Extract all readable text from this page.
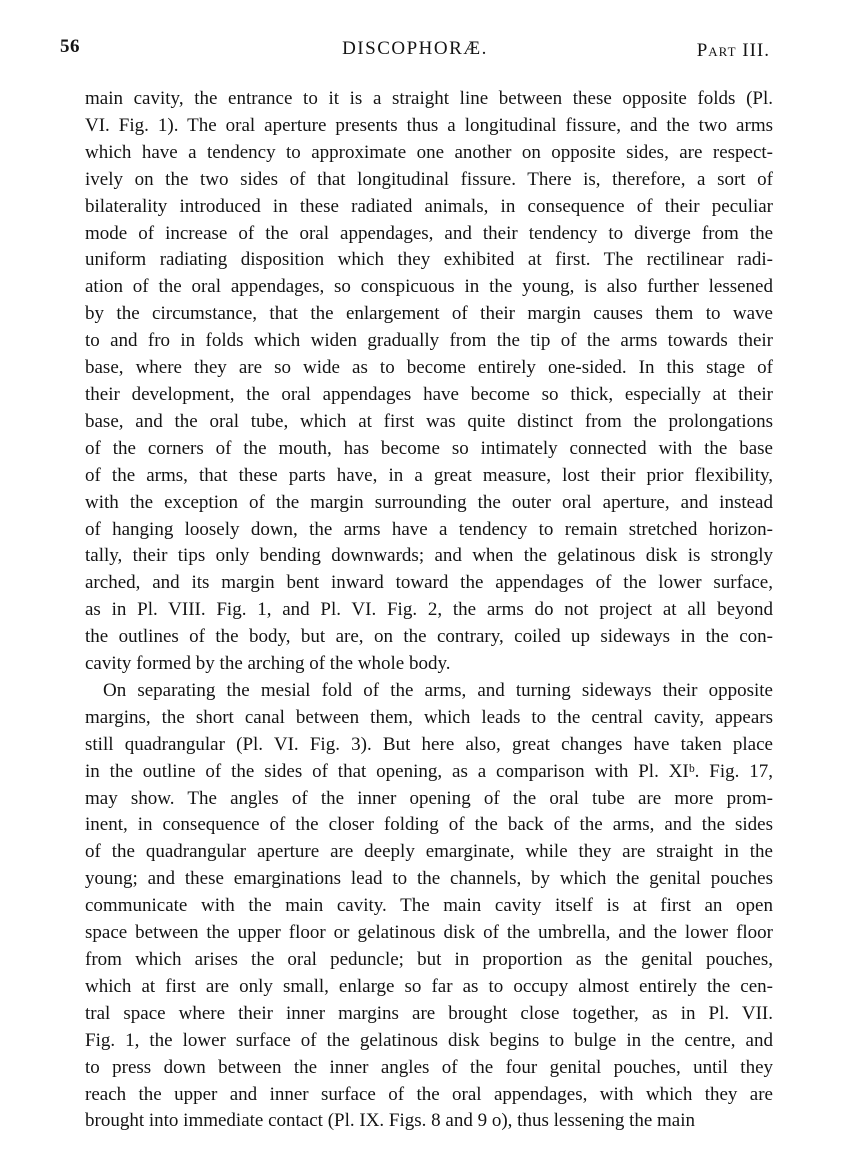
56	DISCOPHORÆ.	Part III.
main cavity, the entrance to it is a straight line between these opposite folds (Pl.
VI. Fig. 1). The oral aperture presents thus a longitudinal fissure, and the two arms
which have a tendency to approximate one another on opposite sides, are respect-
ively on the two sides of that longitudinal fissure. There is, therefore, a sort of
bilaterality introduced in these radiated animals, in consequence of their peculiar
mode of increase of the oral appendages, and their tendency to diverge from the
uniform radiating disposition which they exhibited at first. The rectilinear radi-
ation of the oral appendages, so conspicuous in the young, is also further lessened
by the circumstance, that the enlargement of their margin causes them to wave
to and fro in folds which widen gradually from the tip of the arms towards their
base, where they are so wide as to become entirely one-sided. In this stage of
their development, the oral appendages have become so thick, especially at their
base, and the oral tube, which at first was quite distinct from the prolongations
of the corners of the mouth, has become so intimately connected with the base
of the arms, that these parts have, in a great measure, lost their prior flexibility,
with the exception of the margin surrounding the outer oral aperture, and instead
of hanging loosely down, the arms have a tendency to remain stretched horizon-
tally, their tips only bending downwards; and when the gelatinous disk is strongly
arched, and its margin bent inward toward the appendages of the lower surface,
as in Pl. VIII. Fig. 1, and Pl. VI. Fig. 2, the arms do not project at all beyond
the outlines of the body, but are, on the contrary, coiled up sideways in the con-
cavity formed by the arching of the whole body.
On separating the mesial fold of the arms, and turning sideways their opposite
margins, the short canal between them, which leads to the central cavity, appears
still quadrangular (Pl. VI. Fig. 3). But here also, great changes have taken place
in the outline of the sides of that opening, as a comparison with Pl. XIᵇ. Fig. 17,
may show. The angles of the inner opening of the oral tube are more prom-
inent, in consequence of the closer folding of the back of the arms, and the sides
of the quadrangular aperture are deeply emarginate, while they are straight in the
young; and these emarginations lead to the channels, by which the genital pouches
communicate with the main cavity. The main cavity itself is at first an open
space between the upper floor or gelatinous disk of the umbrella, and the lower floor
from which arises the oral peduncle; but in proportion as the genital pouches,
which at first are only small, enlarge so far as to occupy almost entirely the cen-
tral space where their inner margins are brought close together, as in Pl. VII.
Fig. 1, the lower surface of the gelatinous disk begins to bulge in the centre, and
to press down between the inner angles of the four genital pouches, until they
reach the upper and inner surface of the oral appendages, with which they are
brought into immediate contact (Pl. IX. Figs. 8 and 9 o), thus lessening the main
